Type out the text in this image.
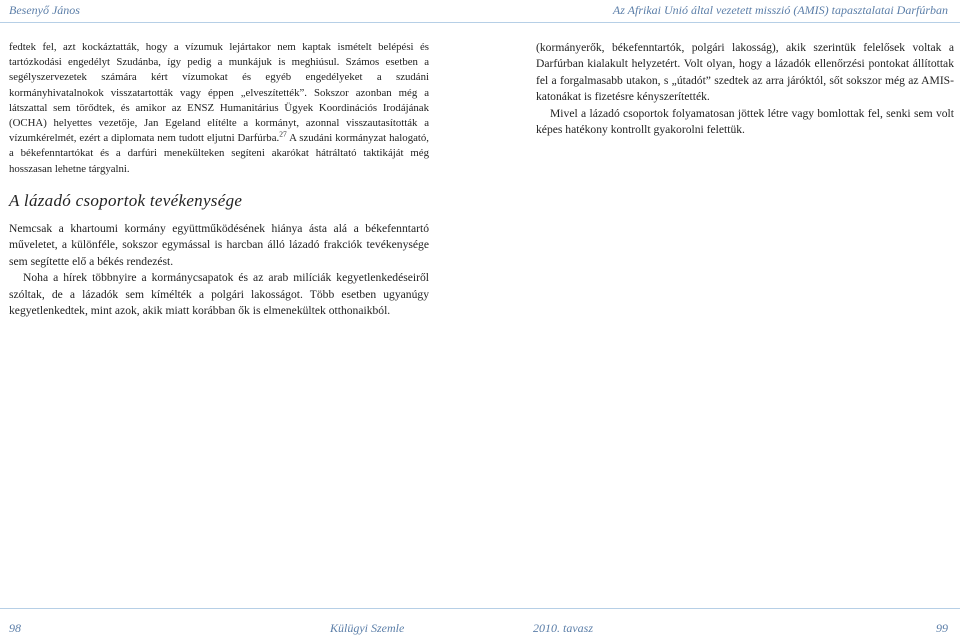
Besenyő János	Az Afrikai Unió által vezetett misszió (AMIS) tapasztalatai Darfúrban

fedtek fel, azt kockáztatták, hogy a vízumuk lejártakor nem kaptak ismételt belépési és tartózkodási engedélyt Szudánba, így pedig a munkájuk is meghiúsul. Számos esetben a segélyszervezetek számára kért vízumokat és egyéb engedélyeket a szudáni kormányhivatalnokok visszatartották vagy éppen „elveszítették”. Sokszor azonban még a látszattal sem törődtek, és amikor az ENSZ Humanitárius Ügyek Koordinációs Irodájának (OCHA) helyettes vezetője, Jan Egeland elítélte a kormányt, azonnal visszautasították a vízumkérelmét, ezért a diplomata nem tudott eljutni Darfúrba.$^{27}$ A szudáni kormányzat halogató, a békefenntartókat és a darfúri menekülteken segíteni akarókat hátráltató taktikáját még hosszasan lehetne tárgyalni.

A lázadó csoportok tevékenysége

Nemcsak a khartoumi kormány együttműködésének hiánya ásta alá a békefenntartó műveletet, a különféle, sokszor egymással is harcban álló lázadó frakciók tevékenysége sem segítette elő a békés rendezést.

Noha a hírek többnyire a kormánycsapatok és az arab milíciák kegyetlenkedéseiről szóltak, de a lázadók sem kímélték a polgári lakosságot. Több esetben ugyanúgy kegyetlenkedtek, mint azok, akik miatt korábban ők is elmenekültek otthonaikból.

(kormányerők, békefenntartók, polgári lakosság), akik szerintük felelősek voltak a Darfúrban kialakult helyzetért. Volt olyan, hogy a lázadók ellenőrzési pontokat állítottak fel a forgalmasabb utakon, s „útadót” szedtek az arra járóktól, sőt sokszor még az AMIS-katonákat is fizetésre kényszerítették.

Mivel a lázadó csoportok folyamatosan jöttek létre vagy bomlottak fel, senki sem volt képes hatékony kontrollt gyakorolni felettük.

98	Külügyi Szemle	2010. tavasz	99
